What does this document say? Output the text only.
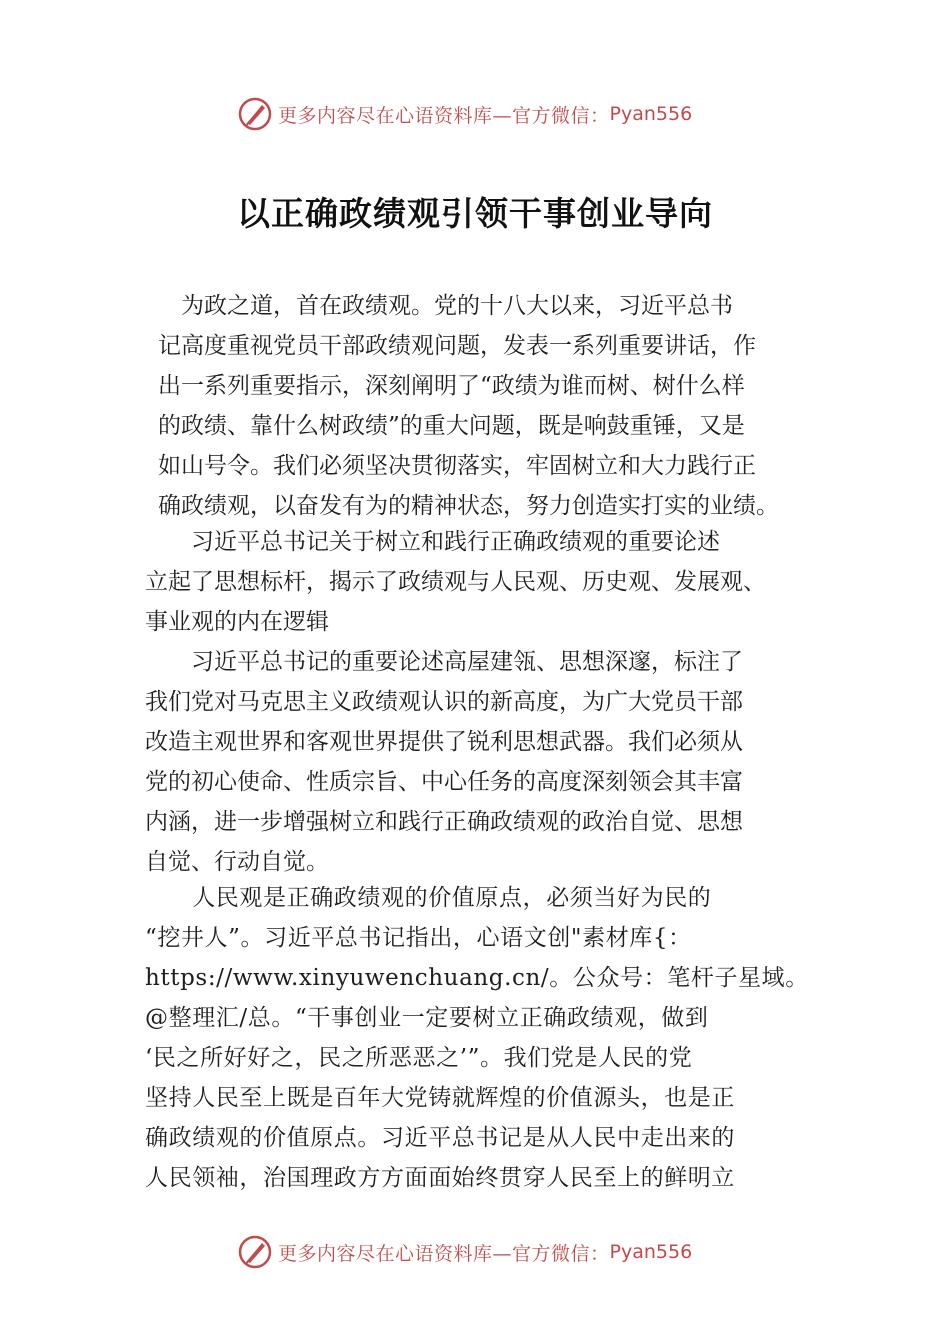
更多内容尽在心语资料库—官方微信： Pyan556
以正确政绩观引领干事创业导向
　为政之道，首在政绩观。党的十八大以来，习近平总书
记高度重视党员干部政绩观问题，发表一系列重要讲话，作
出一系列重要指示，深刻阐明了“政绩为谁而树、树什么样
的政绩、靠什么树政绩”的重大问题，既是响鼓重锤，又是
如山号令。我们必须坚决贯彻落实，牢固树立和大力践行正
确政绩观，以奋发有为的精神状态，努力创造实打实的业绩。
　　习近平总书记关于树立和践行正确政绩观的重要论述
立起了思想标杆，揭示了政绩观与人民观、历史观、发展观、
事业观的内在逻辑
　　习近平总书记的重要论述高屋建瓴、思想深邃，标注了
我们党对马克思主义政绩观认识的新高度，为广大党员干部
改造主观世界和客观世界提供了锐利思想武器。我们必须从
党的初心使命、性质宗旨、中心任务的高度深刻领会其丰富
内涵，进一步增强树立和践行正确政绩观的政治自觉、思想
自觉、行动自觉。
　　人民观是正确政绩观的价值原点，必须当好为民的
“挖井人”。习近平总书记指出，心语文创"素材库{：
https://www.xinyuwenchuang.cn/。公众号：笔杆子星域。
@整理汇/总。“干事创业一定要树立正确政绩观，做到
‘民之所好好之，民之所恶恶之’”。我们党是人民的党
坚持人民至上既是百年大党铸就辉煌的价值源头，也是正
确政绩观的价值原点。习近平总书记是从人民中走出来的
人民领袖，治国理政方方面面始终贯穿人民至上的鲜明立
更多内容尽在心语资料库—官方微信： Pyan556
